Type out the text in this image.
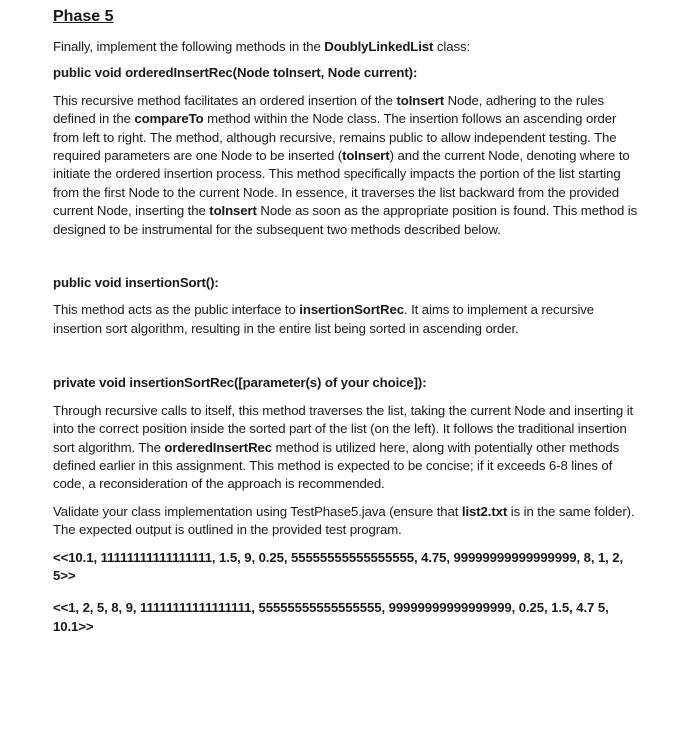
Phase 5

Finally, implement the following methods in the DoublyLinkedList class:

public void orderedInsertRec(Node toInsert, Node current):

This recursive method facilitates an ordered insertion of the toInsert Node, adhering to the rules defined in the compareTo method within the Node class. The insertion follows an ascending order from left to right. The method, although recursive, remains public to allow independent testing. The required parameters are one Node to be inserted (toInsert) and the current Node, denoting where to initiate the ordered insertion process. This method specifically impacts the portion of the list starting from the first Node to the current Node. In essence, it traverses the list backward from the provided current Node, inserting the toInsert Node as soon as the appropriate position is found. This method is designed to be instrumental for the subsequent two methods described below.

public void insertionSort():

This method acts as the public interface to insertionSortRec. It aims to implement a recursive insertion sort algorithm, resulting in the entire list being sorted in ascending order.

private void insertionSortRec([parameter(s) of your choice]):

Through recursive calls to itself, this method traverses the list, taking the current Node and inserting it into the correct position inside the sorted part of the list (on the left). It follows the traditional insertion sort algorithm. The orderedInsertRec method is utilized here, along with potentially other methods defined earlier in this assignment. This method is expected to be concise; if it exceeds 6-8 lines of code, a reconsideration of the approach is recommended.

Validate your class implementation using TestPhase5.java (ensure that list2.txt is in the same folder). The expected output is outlined in the provided test program.

<<10.1, 11111111111111111, 1.5, 9, 0.25, 55555555555555555, 4.75, 99999999999999999, 8, 1, 2, 5>>

<<1, 2, 5, 8, 9, 11111111111111111, 55555555555555555, 99999999999999999, 0.25, 1.5, 4.7 5, 10.1>>
